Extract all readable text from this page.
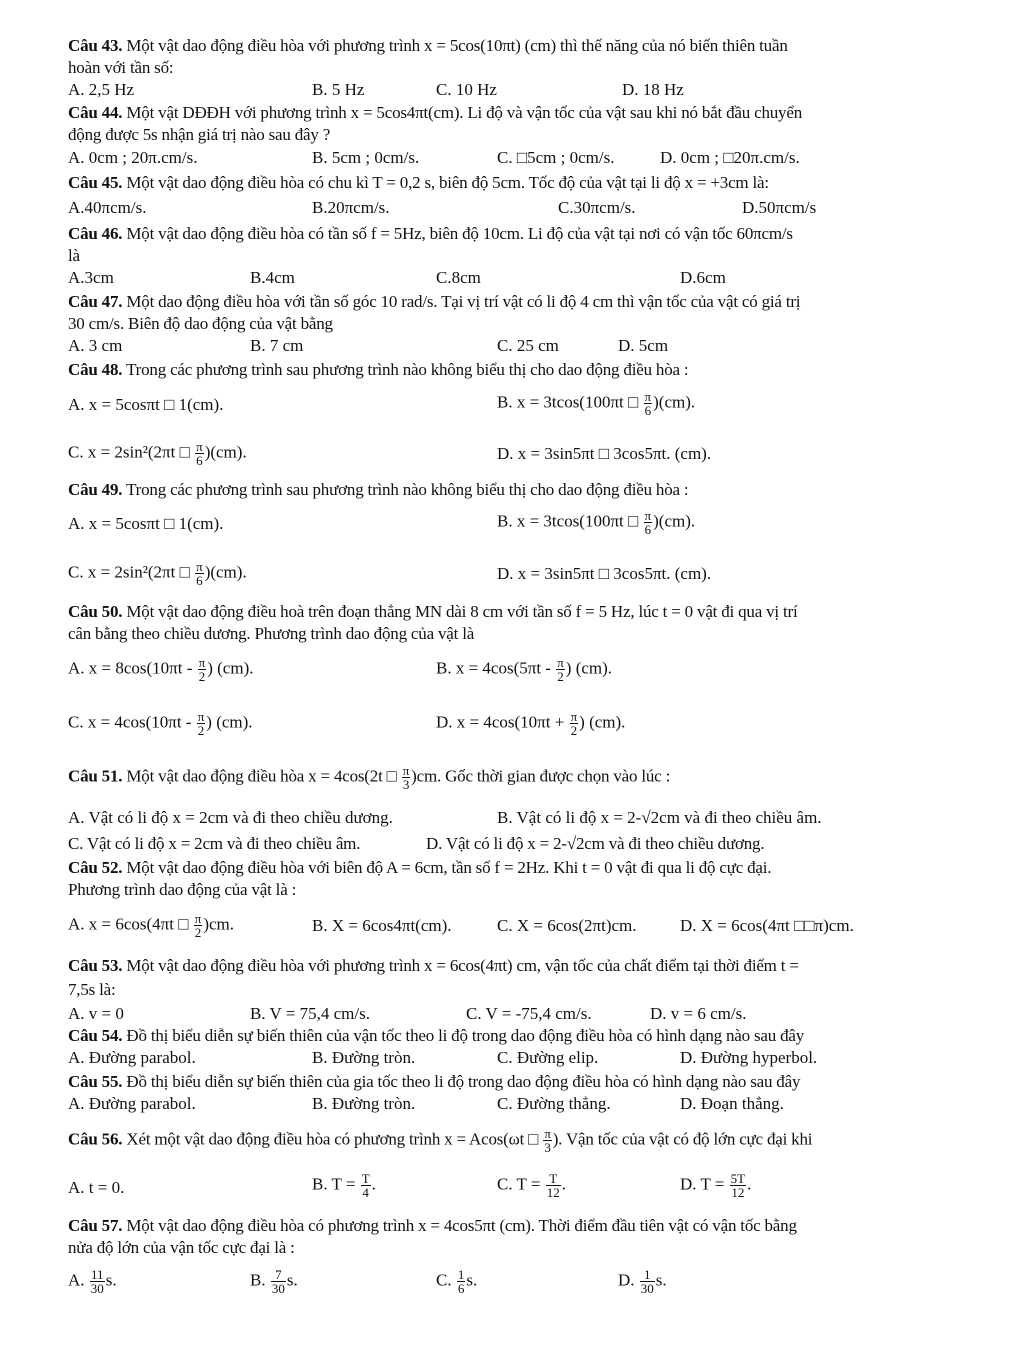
Câu 43. Một vật dao động điều hòa với phương trình x = 5cos(10πt) (cm) thì thế năng của nó biến thiên tuần
hoàn với tần số:
A. 2,5 Hz	B. 5 Hz	C. 10 Hz	D. 18 Hz
Câu 44. Một vật DĐĐH với phương trình x = 5cos4πt(cm). Li độ và vận tốc của vật sau khi nó bắt đầu chuyển
động được 5s nhận giá trị nào sau đây ?
A. 0cm ; 20π.cm/s.	B. 5cm ; 0cm/s.	C. □5cm ; 0cm/s.	D. 0cm ; □20π.cm/s.
Câu 45. Một vật dao động điều hòa có chu kì T = 0,2 s, biên độ 5cm. Tốc độ của vật tại li độ x = +3cm là:
A.40πcm/s.	B.20πcm/s.	C.30πcm/s.	D.50πcm/s
Câu 46. Một vật dao động điều hòa có tần số f = 5Hz, biên độ 10cm. Li độ của vật tại nơi có vận tốc 60πcm/s
là
A.3cm	B.4cm	C.8cm	D.6cm
Câu 47. Một dao động điều hòa với tần số góc 10 rad/s. Tại vị trí vật có li độ 4 cm thì vận tốc của vật có giá trị
30 cm/s. Biên độ dao động của vật bằng
A. 3 cm	B. 7 cm	C. 25 cm	D. 5cm
Câu 48. Trong các phương trình sau phương trình nào không biểu thị cho dao động điều hòa :
A. x = 5cosπt □ 1(cm).	B. x = 3tcos(100πt □ $\frac{\pi}{6} )(cm)$.
C. x = 2sin²(2πt □ $\frac{\pi}{6} )(cm)$.	D. x = 3sin5πt □ 3cos5πt. (cm).
Câu 49. Trong các phương trình sau phương trình nào không biểu thị cho dao động điều hòa :
A. x = 5cosπt □ 1(cm).	B. x = 3tcos(100πt □ $\frac{\pi}{6} )(cm)$.
C. x = 2sin²(2πt □ $\frac{\pi}{6} )(cm)$.	D. x = 3sin5πt □ 3cos5πt. (cm).
Câu 50. Một vật dao động điều hoà trên đoạn thẳng MN dài 8 cm với tần số f = 5 Hz, lúc t = 0 vật đi qua vị trí
cân bằng theo chiều dương. Phương trình dao động của vật là
A. $x = 8\cos(10\pi t - \frac{\pi}{2}$ ) (cm).	B. $x = 4\cos(5\pi t - \frac{\pi}{2}$ ) (cm).
C. $x = 4\cos(10\pi t - \frac{\pi}{2}$ ) (cm).	D. $x = 4\cos(10\pi t + \frac{\pi}{2}$ ) (cm).
Câu 51. Một vật dao động điều hòa x = 4cos(2t □ $\frac{\pi}{3} )cm$. Gốc thời gian được chọn vào lúc :
A. Vật có li độ x = 2cm và đi theo chiều dương.	B. Vật có li độ x = 2-√2cm và đi theo chiều âm.
C. Vật có li độ x = 2cm và đi theo chiều âm.	D. Vật có li độ x = 2-√2cm và đi theo chiều dương.
Câu 52. Một vật dao động điều hòa với biên độ A = 6cm, tần số f = 2Hz. Khi t = 0 vật đi qua li độ cực đại.
Phương trình dao động của vật là :
A. x = 6cos(4πt □ $\frac{\pi}{2} )cm$.	B. X = 6cos4πt(cm).	C. X = 6cos(2πt)cm.	D. X = 6cos(4πt □□π)cm.
Câu 53. Một vật dao động điều hòa với phương trình x = 6cos(4πt) cm, vận tốc của chất điểm tại thời điểm t =
7,5s là:
A. v = 0	B. V = 75,4 cm/s.	C. V = -75,4 cm/s.	D. v = 6 cm/s.
Câu 54. Đồ thị biểu diễn sự biến thiên của vận tốc theo li độ trong dao động điều hòa có hình dạng nào sau đây
A. Đường parabol.	B. Đường tròn.	C. Đường elip.	D. Đường hyperbol.
Câu 55. Đồ thị biểu diễn sự biến thiên của gia tốc theo li độ trong dao động điều hòa có hình dạng nào sau đây
A. Đường parabol.	B. Đường tròn.	C. Đường thẳng.	D. Đoạn thẳng.
Câu 56. Xét một vật dao động điều hòa có phương trình x = Acos(ωt □ $\frac{\pi}{3}$ ). Vận tốc của vật có độ lớn cực đại khi
A. t = 0.	B. $T = \frac{T}{4}$ .	C. $T = \frac{T}{12}$ .	D. $T = \frac{5T}{12}$ .
Câu 57. Một vật dao động điều hòa có phương trình x = 4cos5πt (cm). Thời điểm đầu tiên vật có vận tốc bằng
nửa độ lớn của vận tốc cực đại là :
A. $\frac{11}{30} s$.	B. $\frac{7}{30} s$.	C. $\frac{1}{6} s$.	D. $\frac{1}{30} s$.
